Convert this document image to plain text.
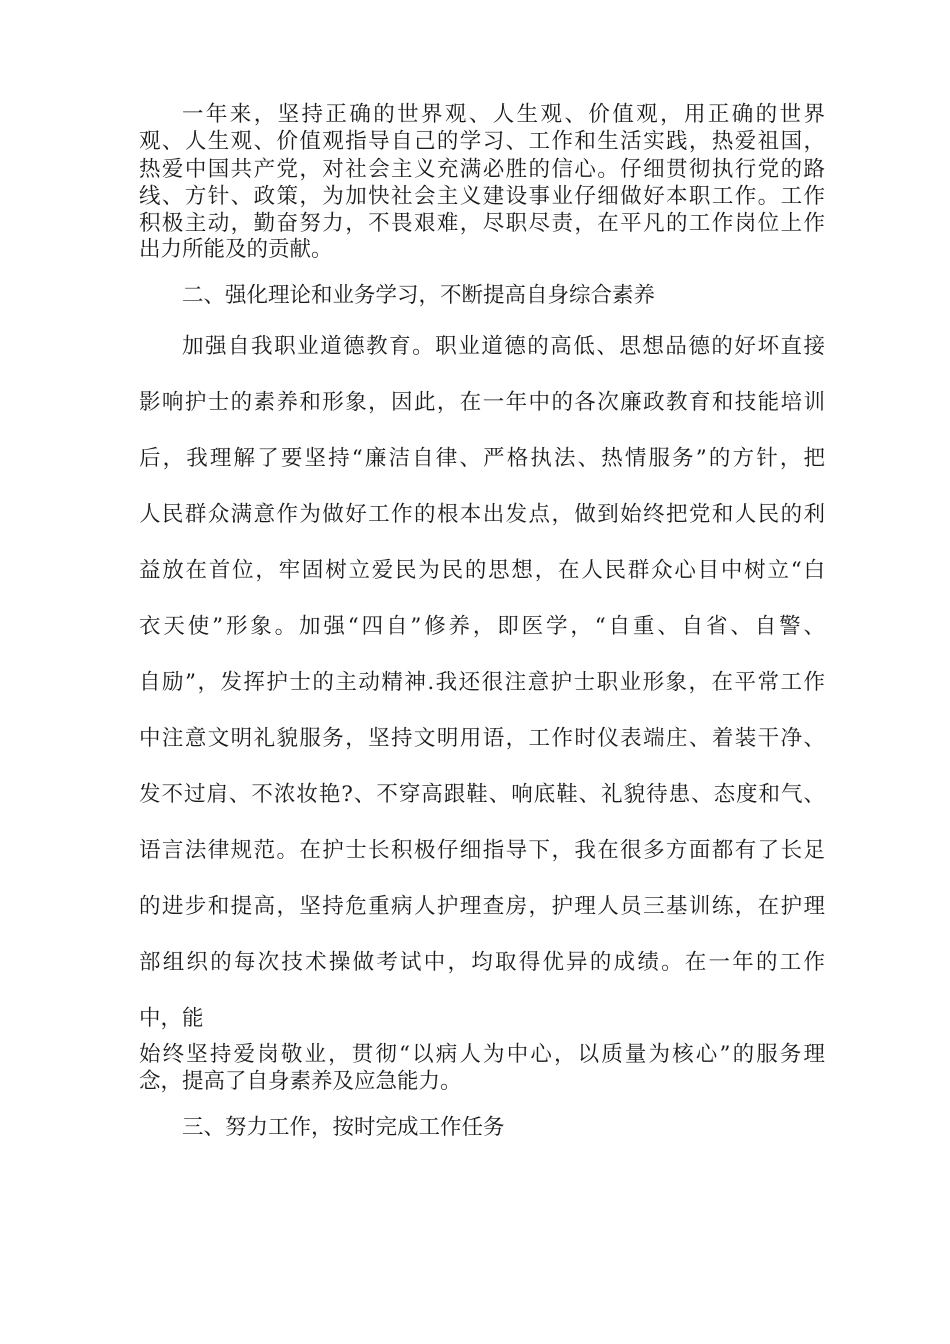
一年来，坚持正确的世界观、人生观、价值观，用正确的世界
观、人生观、价值观指导自己的学习、工作和生活实践，热爱祖国，
热爱中国共产党，对社会主义充满必胜的信心。仔细贯彻执行党的路
线、方针、政策，为加快社会主义建设事业仔细做好本职工作。工作
积极主动，勤奋努力，不畏艰难，尽职尽责，在平凡的工作岗位上作
出力所能及的贡献。
二、强化理论和业务学习，不断提高自身综合素养
加强自我职业道德教育。职业道德的高低、思想品德的好坏直接
影响护士的素养和形象，因此，在一年中的各次廉政教育和技能培训
后，我理解了要坚持“廉洁自律、严格执法、热情服务”的方针，把
人民群众满意作为做好工作的根本出发点，做到始终把党和人民的利
益放在首位，牢固树立爱民为民的思想，在人民群众心目中树立“白
衣天使”形象。加强“四自”修养，即医学，“自重、自省、自警、
自励”，发挥护士的主动精神.我还很注意护士职业形象，在平常工作
中注意文明礼貌服务，坚持文明用语，工作时仪表端庄、着装干净、
发不过肩、不浓妆艳?、不穿高跟鞋、响底鞋、礼貌待患、态度和气、
语言法律规范。在护士长积极仔细指导下，我在很多方面都有了长足
的进步和提高，坚持危重病人护理查房，护理人员三基训练，在护理
部组织的每次技术操做考试中，均取得优异的成绩。在一年的工作
中，能
始终坚持爱岗敬业，贯彻“以病人为中心，以质量为核心”的服务理
念，提高了自身素养及应急能力。
三、努力工作，按时完成工作任务
